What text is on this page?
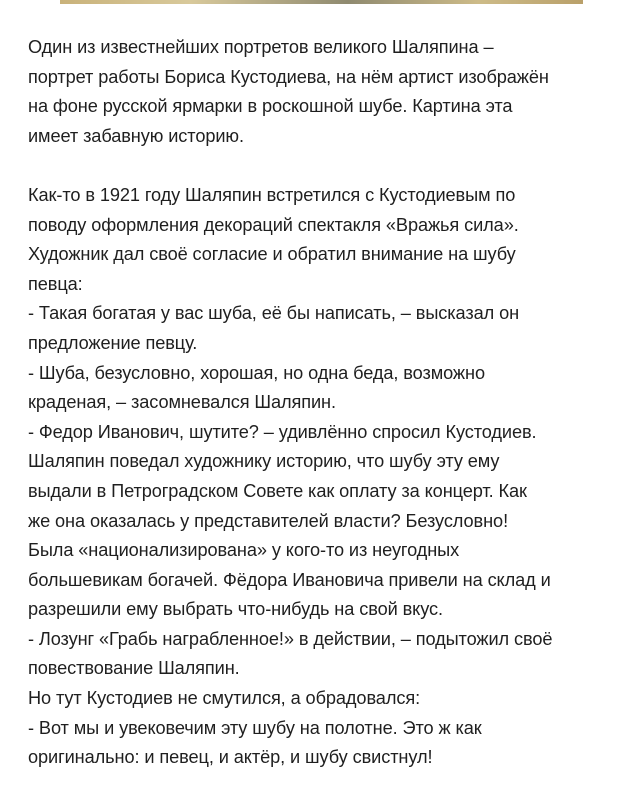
Один из известнейших портретов великого Шаляпина –
портрет работы Бориса Кустодиева, на нём артист изображён
на фоне русской ярмарки в роскошной шубе. Картина эта
имеет забавную историю.

Как-то в 1921 году Шаляпин встретился с Кустодиевым по
поводу оформления декораций спектакля «Вражья сила».
Художник дал своё согласие и обратил внимание на шубу
певца:
- Такая богатая у вас шуба, её бы написать, – высказал он
предложение певцу.
- Шуба, безусловно, хорошая, но одна беда, возможно
краденая, – засомневался Шаляпин.
- Федор Иванович, шутите? – удивлённо спросил Кустодиев.
Шаляпин поведал художнику историю, что шубу эту ему
выдали в Петроградском Совете как оплату за концерт. Как
же она оказалась у представителей власти? Безусловно!
Была «национализирована» у кого-то из неугодных
большевикам богачей. Фёдора Ивановича привели на склад и
разрешили ему выбрать что-нибудь на свой вкус.
- Лозунг «Грабь награбленное!» в действии, – подытожил своё
повествование Шаляпин.
Но тут Кустодиев не смутился, а обрадовался:
- Вот мы и увековечим эту шубу на полотне. Это ж как
оригинально: и певец, и актёр, и шубу свистнул!
